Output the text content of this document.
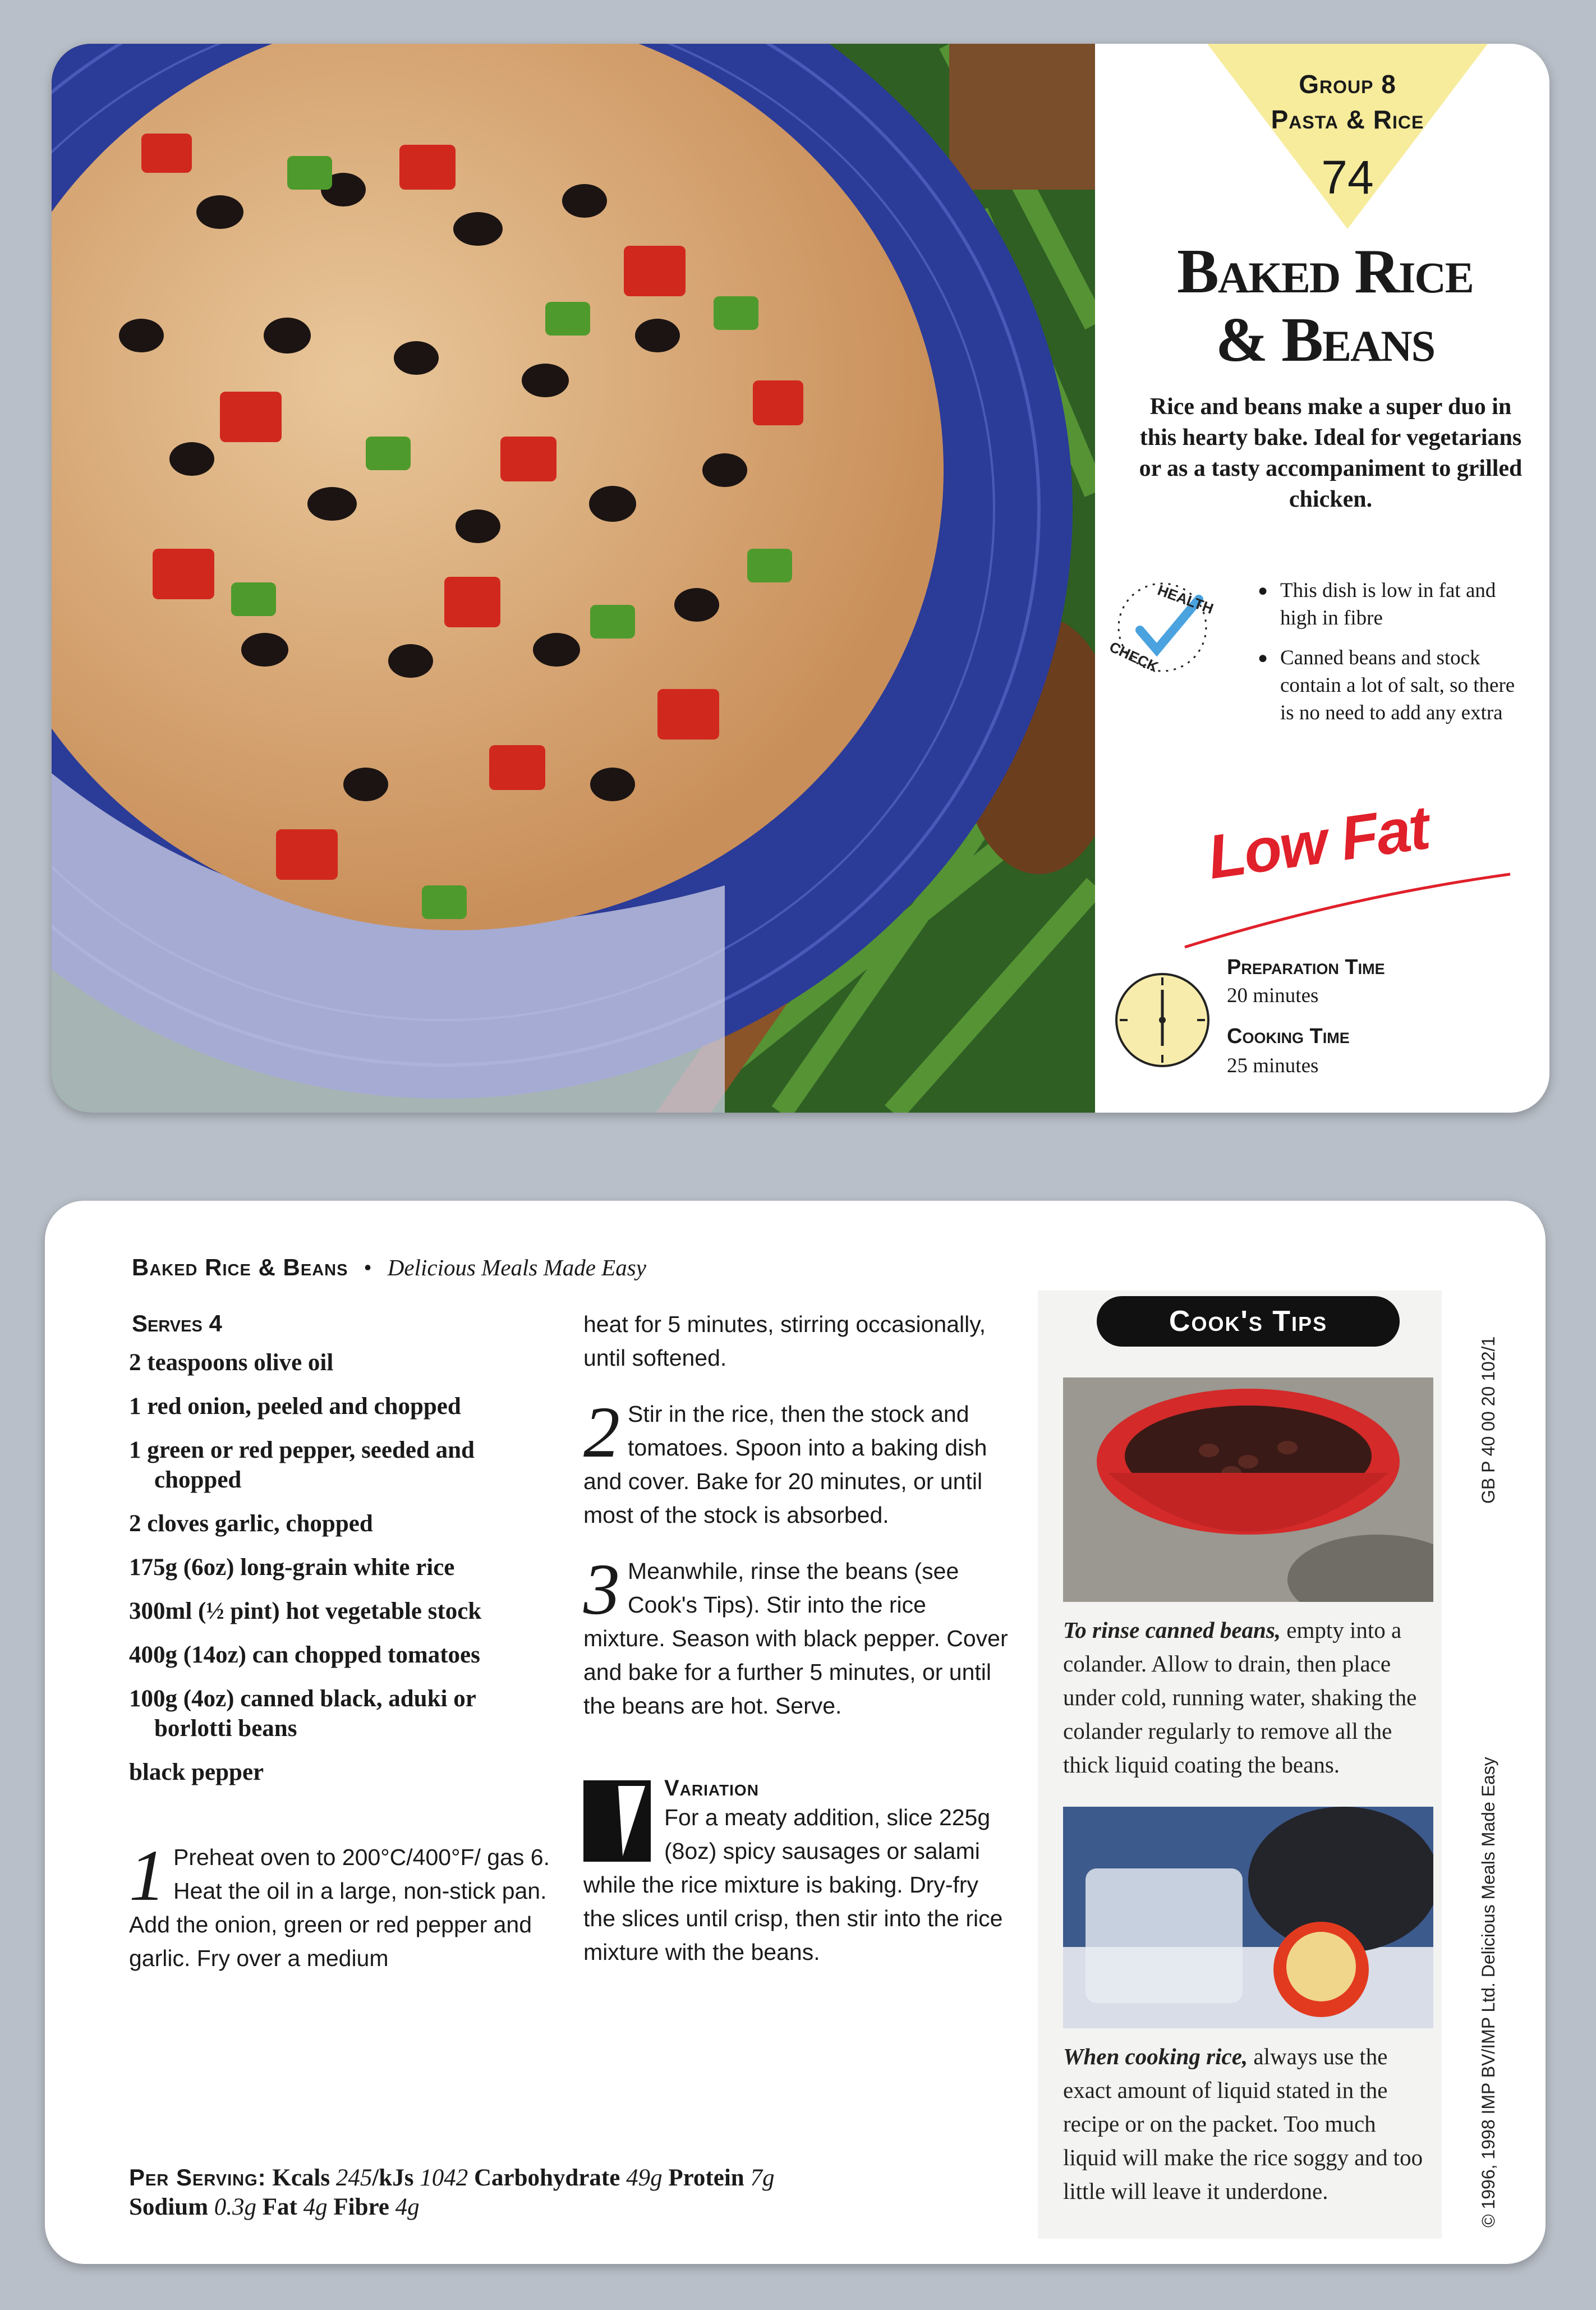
Group 8
Pasta & Rice
74
Baked Rice
& Beans
Rice and beans make a super duo in this hearty bake. Ideal for vegetarians or as a tasty accompaniment to grilled chicken.
HEALTH
CHECK
● This dish is low in fat and high in fibre
● Canned beans and stock contain a lot of salt, so there is no need to add any extra
Low Fat
Preparation Time
20 minutes
Cooking Time
25 minutes
Baked Rice & Beans • Delicious Meals Made Easy
Serves 4
2 teaspoons olive oil
1 red onion, peeled and chopped
1 green or red pepper, seeded and chopped
2 cloves garlic, chopped
175g (6oz) long-grain white rice
300ml (½ pint) hot vegetable stock
400g (14oz) can chopped tomatoes
100g (4oz) canned black, aduki or borlotti beans
black pepper
1 Preheat oven to 200°C/400°F/ gas 6. Heat the oil in a large, non-stick pan. Add the onion, green or red pepper and garlic. Fry over a medium
heat for 5 minutes, stirring occasionally, until softened.
2 Stir in the rice, then the stock and tomatoes. Spoon into a baking dish and cover. Bake for 20 minutes, or until most of the stock is absorbed.
3 Meanwhile, rinse the beans (see Cook's Tips). Stir into the rice mixture. Season with black pepper. Cover and bake for a further 5 minutes, or until the beans are hot. Serve.
Variation
For a meaty addition, slice 225g (8oz) spicy sausages or salami while the rice mixture is baking. Dry-fry the slices until crisp, then stir into the rice mixture with the beans.
Per Serving: Kcals 245/kJs 1042 Carbohydrate 49g Protein 7g
Sodium 0.3g Fat 4g Fibre 4g
Cook's Tips
To rinse canned beans, empty into a colander. Allow to drain, then place under cold, running water, shaking the colander regularly to remove all the thick liquid coating the beans.
When cooking rice, always use the exact amount of liquid stated in the recipe or on the packet. Too much liquid will make the rice soggy and too little will leave it underdone.
GB P 40 00 20 102/1
© 1996, 1998 IMP BV/IMP Ltd. Delicious Meals Made Easy
